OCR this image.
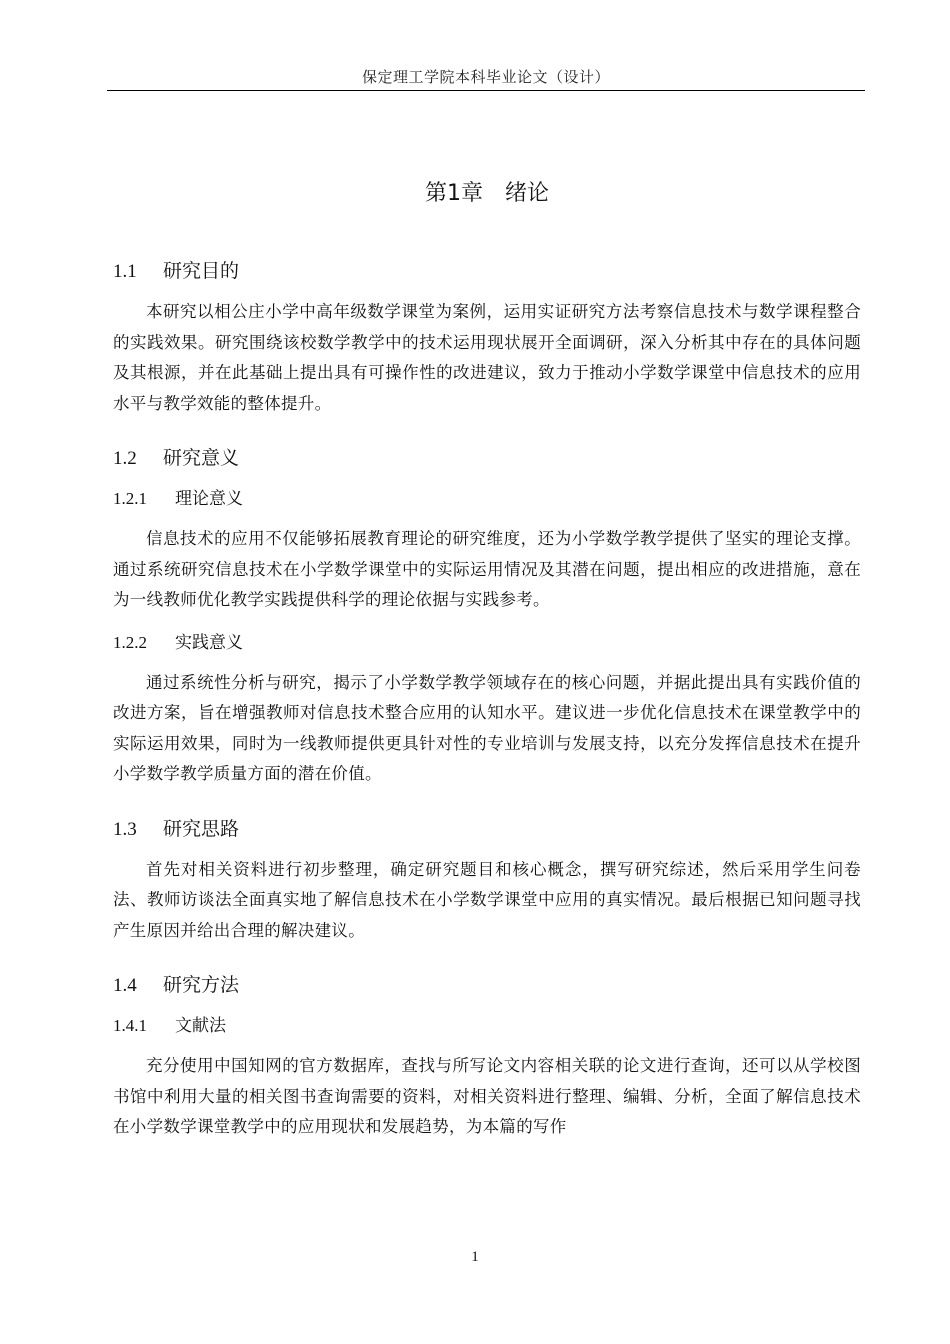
保定理工学院本科毕业论文（设计）
第1章　绪论
1.1 研究目的

本研究以相公庄小学中高年级数学课堂为案例，运用实证研究方法考察信息技术与数学课程整合的实践效果。研究围绕该校数学教学中的技术运用现状展开全面调研，深入分析其中存在的具体问题及其根源，并在此基础上提出具有可操作性的改进建议，致力于推动小学数学课堂中信息技术的应用水平与教学效能的整体提升。

1.2 研究意义
1.2.1 理论意义

信息技术的应用不仅能够拓展教育理论的研究维度，还为小学数学教学提供了坚实的理论支撑。通过系统研究信息技术在小学数学课堂中的实际运用情况及其潜在问题，提出相应的改进措施，意在为一线教师优化教学实践提供科学的理论依据与实践参考。

1.2.2 实践意义

通过系统性分析与研究，揭示了小学数学教学领域存在的核心问题，并据此提出具有实践价值的改进方案，旨在增强教师对信息技术整合应用的认知水平。建议进一步优化信息技术在课堂教学中的实际运用效果，同时为一线教师提供更具针对性的专业培训与发展支持，以充分发挥信息技术在提升小学数学教学质量方面的潜在价值。

1.3 研究思路

首先对相关资料进行初步整理，确定研究题目和核心概念，撰写研究综述，然后采用学生问卷法、教师访谈法全面真实地了解信息技术在小学数学课堂中应用的真实情况。最后根据已知问题寻找产生原因并给出合理的解决建议。

1.4 研究方法
1.4.1 文献法

充分使用中国知网的官方数据库，查找与所写论文内容相关联的论文进行查询，还可以从学校图书馆中利用大量的相关图书查询需要的资料，对相关资料进行整理、编辑、分析，全面了解信息技术在小学数学课堂教学中的应用现状和发展趋势，为本篇的写作

1
